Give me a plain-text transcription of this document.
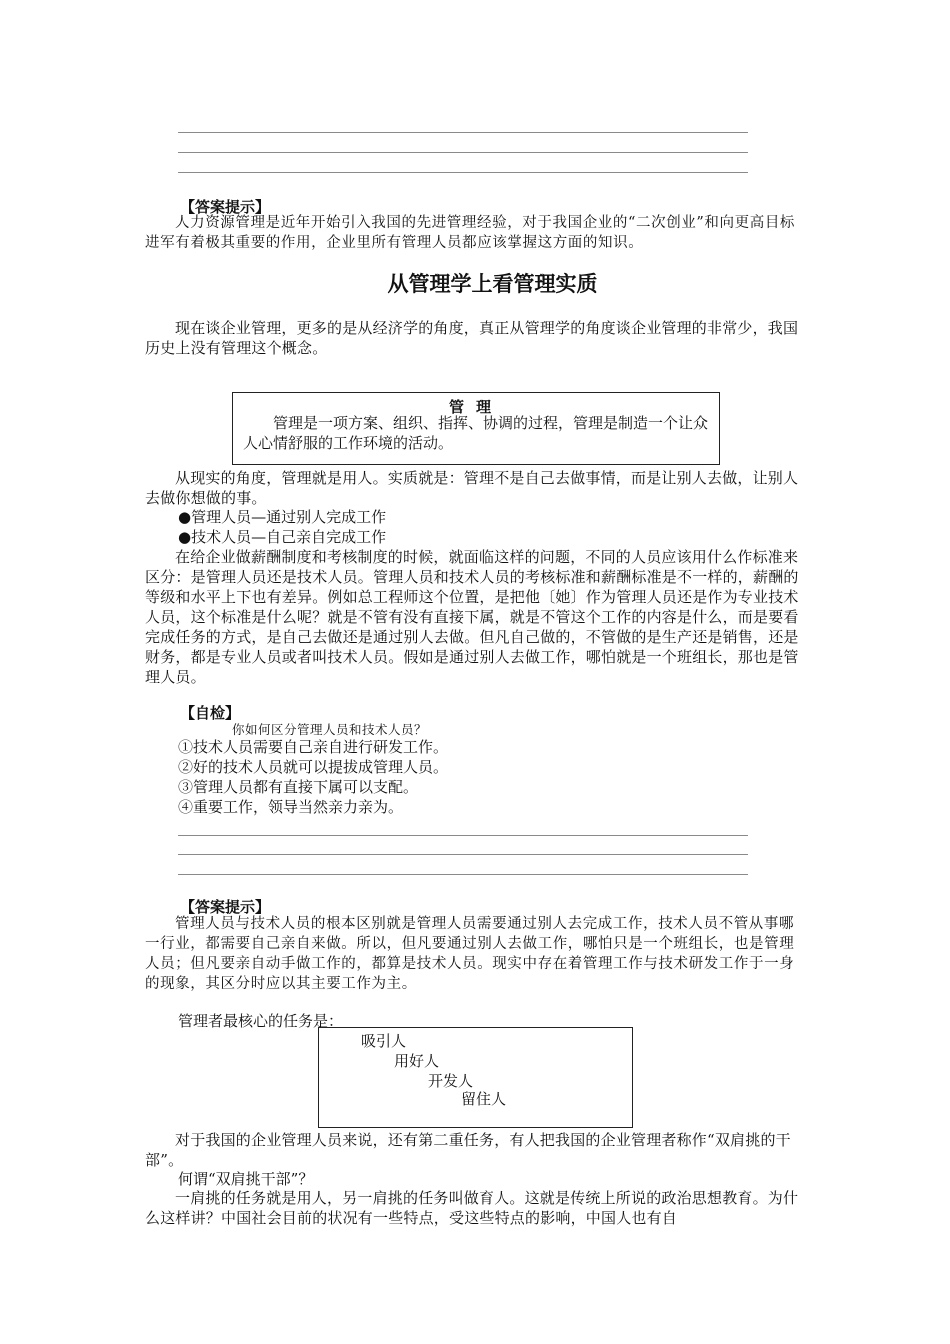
【答案提示】

人力资源管理是近年开始引入我国的先进管理经验，对于我国企业的“二次创业”和向更高目标进军有着极其重要的作用，企业里所有管理人员都应该掌握这方面的知识。

从管理学上看管理实质

现在谈企业管理，更多的是从经济学的角度，真正从管理学的角度谈企业管理的非常少，我国历史上没有管理这个概念。

管理

管理是一项方案、组织、指挥、协调的过程，管理是制造一个让众人心情舒服的工作环境的活动。

从现实的角度，管理就是用人。实质就是：管理不是自己去做事情，而是让别人去做，让别人去做你想做的事。

●管理人员—通过别人完成工作
●技术人员—自己亲自完成工作

在给企业做薪酬制度和考核制度的时候，就面临这样的问题，不同的人员应该用什么作标准来区分：是管理人员还是技术人员。管理人员和技术人员的考核标准和薪酬标准是不一样的，薪酬的等级和水平上下也有差异。例如总工程师这个位置，是把他〔她〕作为管理人员还是作为专业技术人员，这个标准是什么呢？就是不管有没有直接下属，就是不管这个工作的内容是什么，而是要看完成任务的方式，是自己去做还是通过别人去做。但凡自己做的，不管做的是生产还是销售，还是财务，都是专业人员或者叫技术人员。假如是通过别人去做工作，哪怕就是一个班组长，那也是管理人员。

【自检】
你如何区分管理人员和技术人员？
①技术人员需要自己亲自进行研发工作。
②好的技术人员就可以提拔成管理人员。
③管理人员都有直接下属可以支配。
④重要工作，领导当然亲力亲为。
【答案提示】

管理人员与技术人员的根本区别就是管理人员需要通过别人去完成工作，技术人员不管从事哪一行业，都需要自己亲自来做。所以，但凡要通过别人去做工作，哪怕只是一个班组长，也是管理人员；但凡要亲自动手做工作的，都算是技术人员。现实中存在着管理工作与技术研发工作于一身的现象，其区分时应以其主要工作为主。

管理者最核心的任务是：
吸引人
用好人
开发人
留住人

对于我国的企业管理人员来说，还有第二重任务，有人把我国的企业管理者称作“双肩挑的干部”。

何谓“双肩挑干部”？

一肩挑的任务就是用人，另一肩挑的任务叫做育人。这就是传统上所说的政治思想教育。为什么这样讲？中国社会目前的状况有一些特点，受这些特点的影响，中国人也有自
